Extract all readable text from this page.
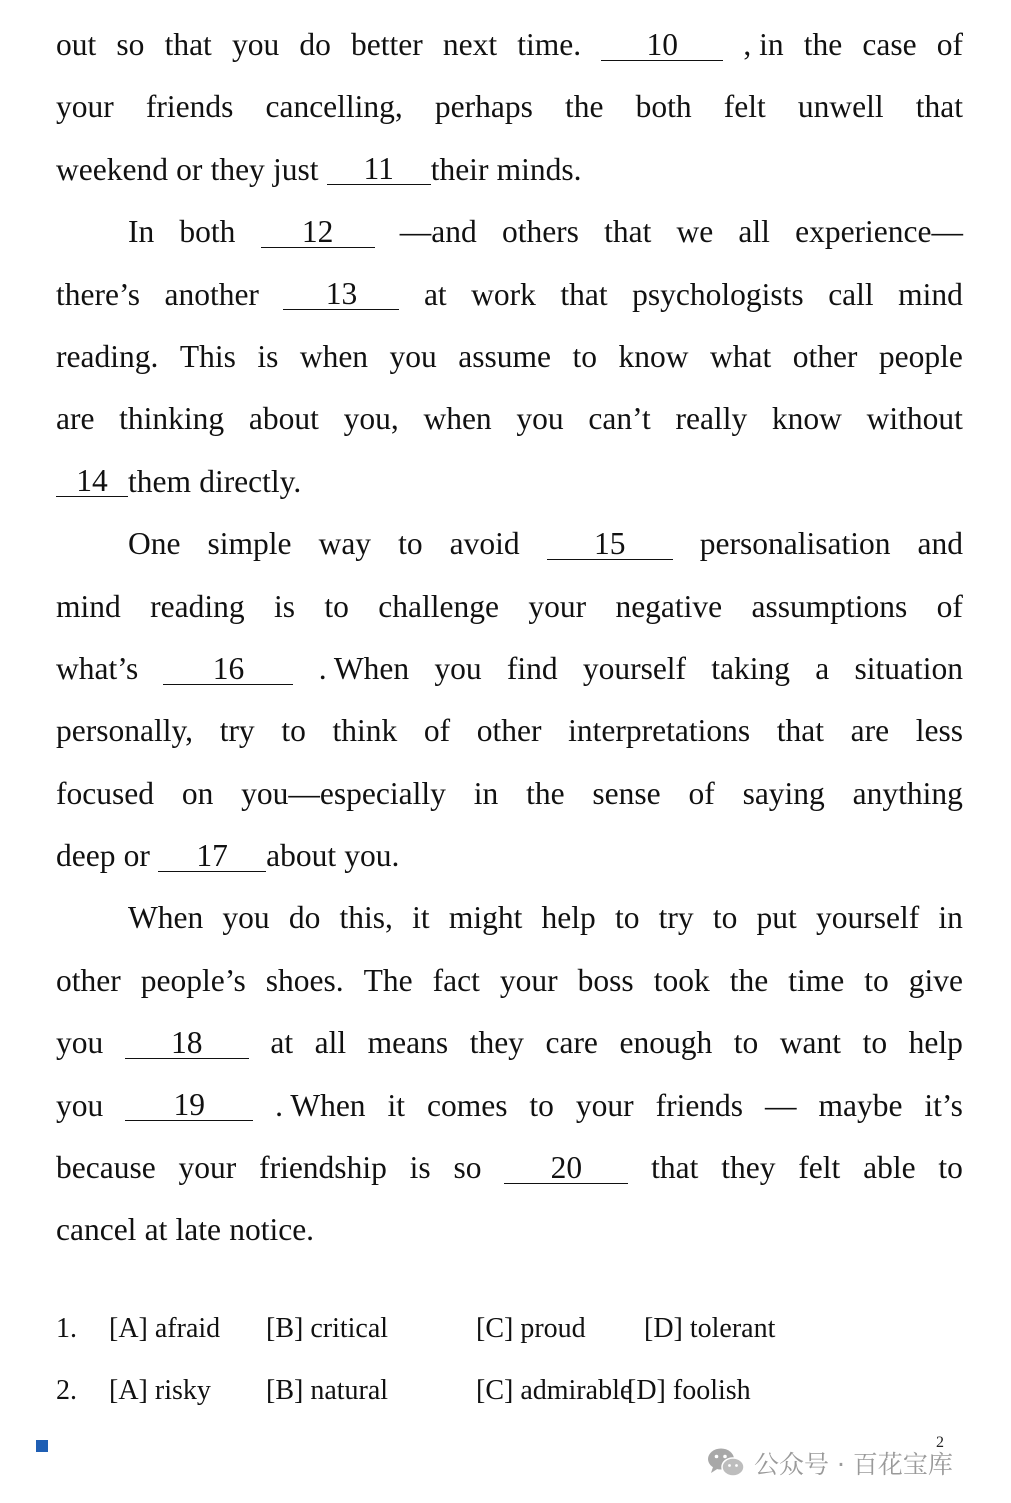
out so that you do better next time.	10	, in the case of
your friends cancelling, perhaps the both felt unwell that
weekend or they just	11	their minds.
In both	12	—and others that we all experience—
there’s another	13	at work that psychologists call mind
reading. This is when you assume to know what other people
are thinking about you, when you can’t really know without
14 them directly.
One simple way to avoid	15	personalisation and
mind reading is to challenge your negative assumptions of
what’s	16	. When you find yourself taking a situation
personally, try to think of other interpretations that are less
focused on you—especially in the sense of saying anything
deep or	17	about you.
When you do this, it might help to try to put yourself in
other people’s shoes. The fact your boss took the time to give
you	18	at all means they care enough to want to help
you	19	. When it comes to your friends — maybe it’s
because your friendship is so	20	that they felt able to
cancel at late notice.
1. [A] afraid [B] critical	[C] proud [D] tolerant
2. [A] risky [B] natural	[C] admirable
[D] foolish
2
公众号 · 百花宝库
